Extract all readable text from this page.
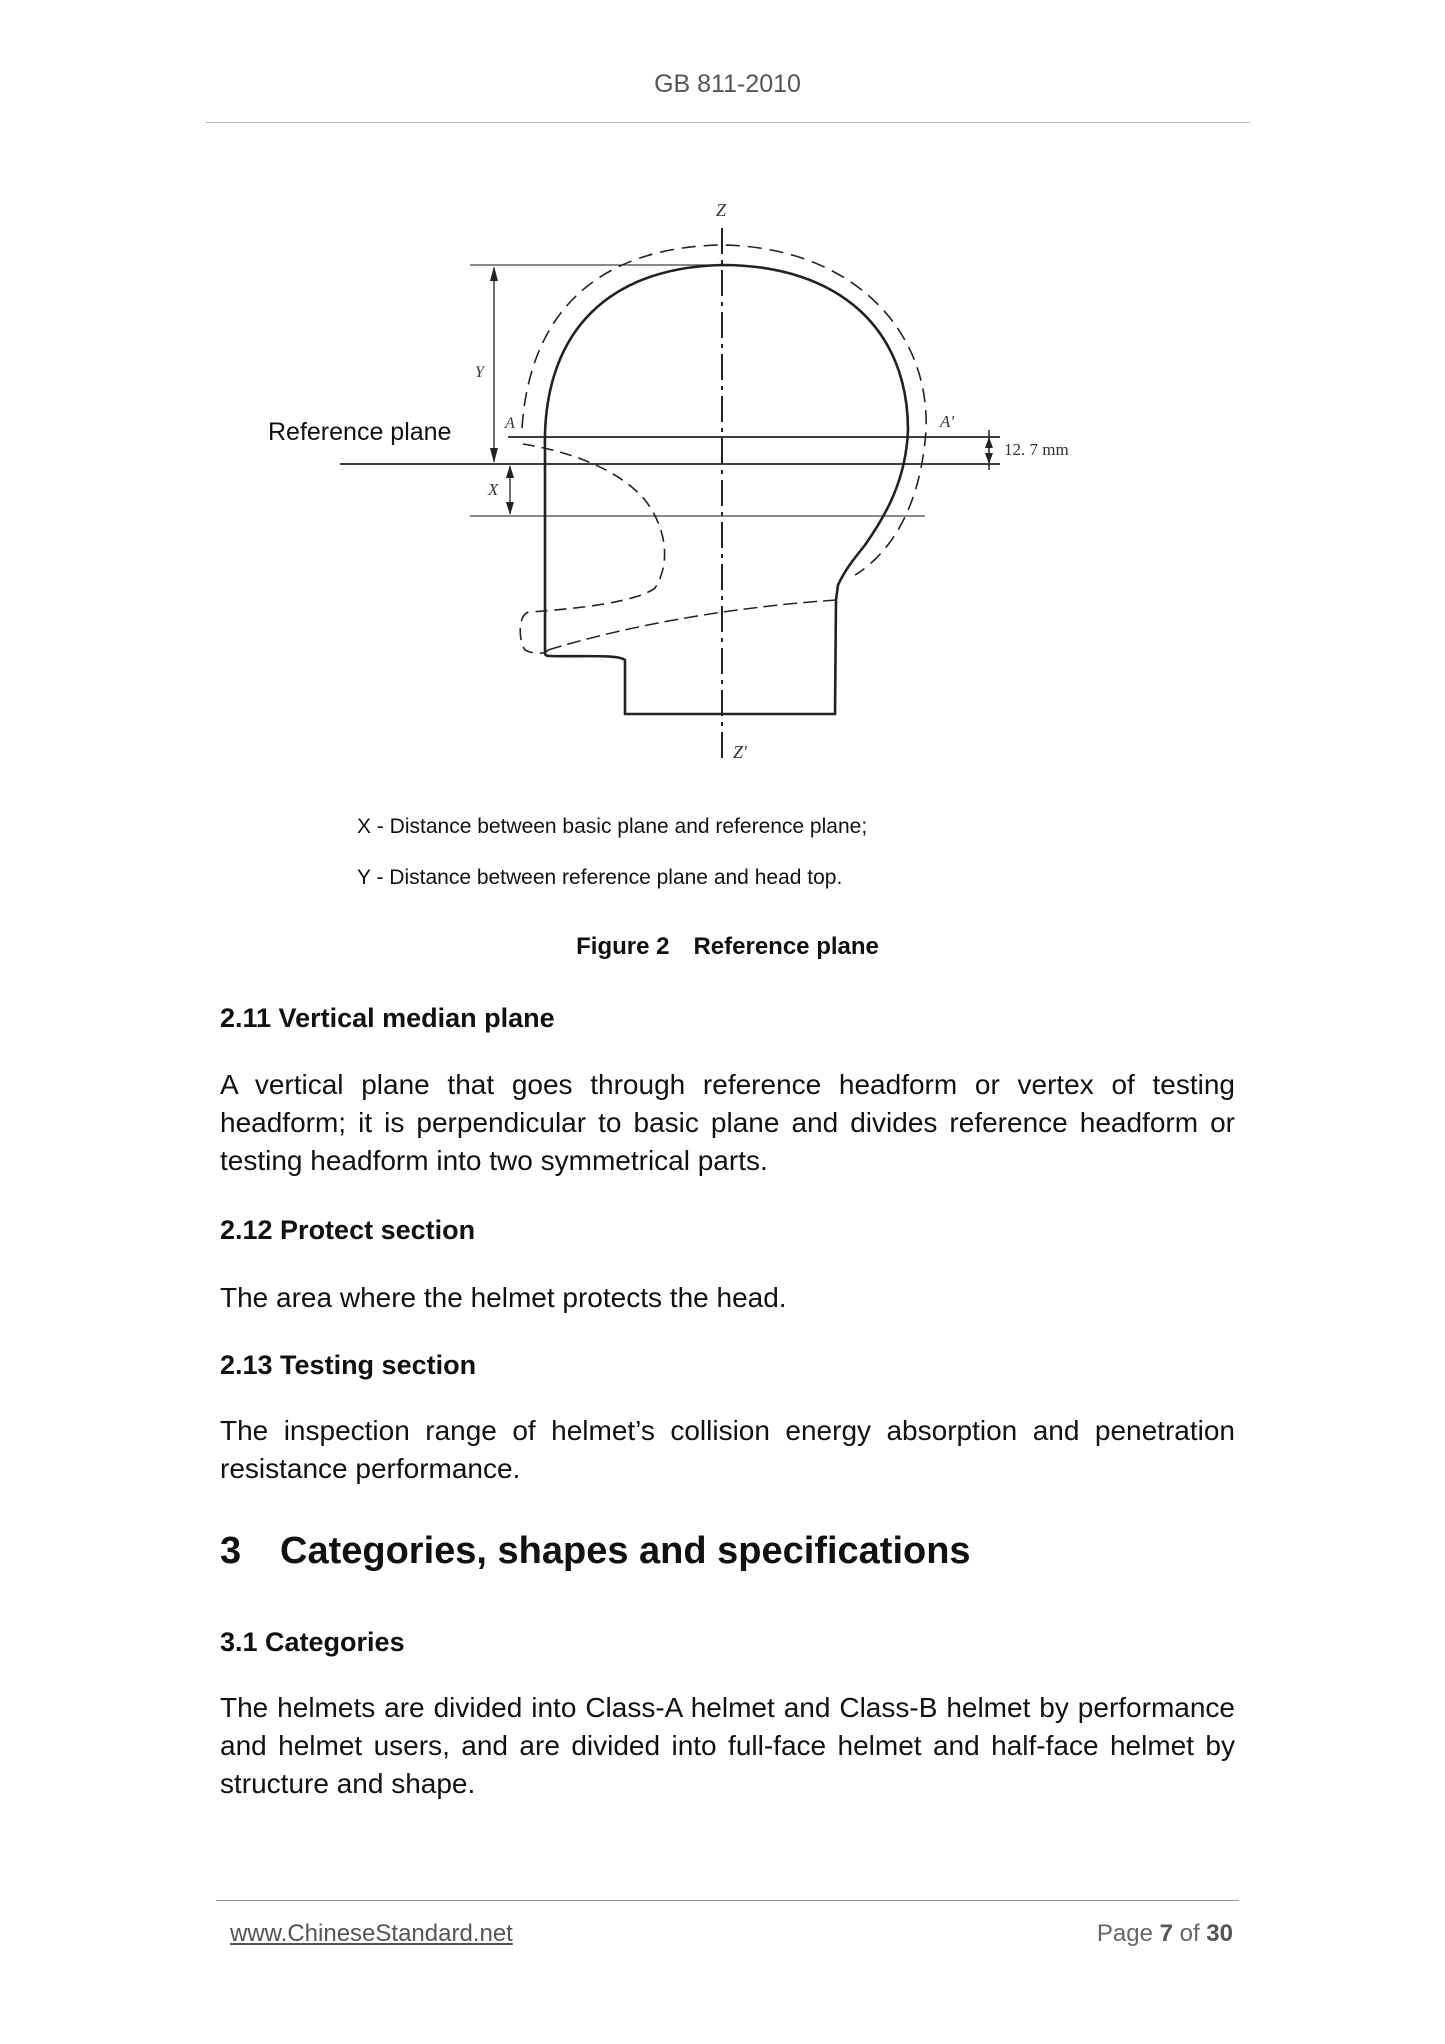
GB 811-2010
Z
Z'
Y
X
12. 7 mm
A	A'
Reference plane
X - Distance between basic plane and reference plane;
Y - Distance between reference plane and head top.
Figure 2 Reference plane
2.11 Vertical median plane
A vertical plane that goes through reference headform or vertex of testing headform; it is perpendicular to basic plane and divides reference headform or testing headform into two symmetrical parts.
2.12 Protect section
The area where the helmet protects the head.
2.13 Testing section
The inspection range of helmet’s collision energy absorption and penetration resistance performance.
3 Categories, shapes and specifications
3.1 Categories
The helmets are divided into Class-A helmet and Class-B helmet by performance and helmet users, and are divided into full-face helmet and half-face helmet by structure and shape.
www.ChineseStandard.net	Page 7 of 30
